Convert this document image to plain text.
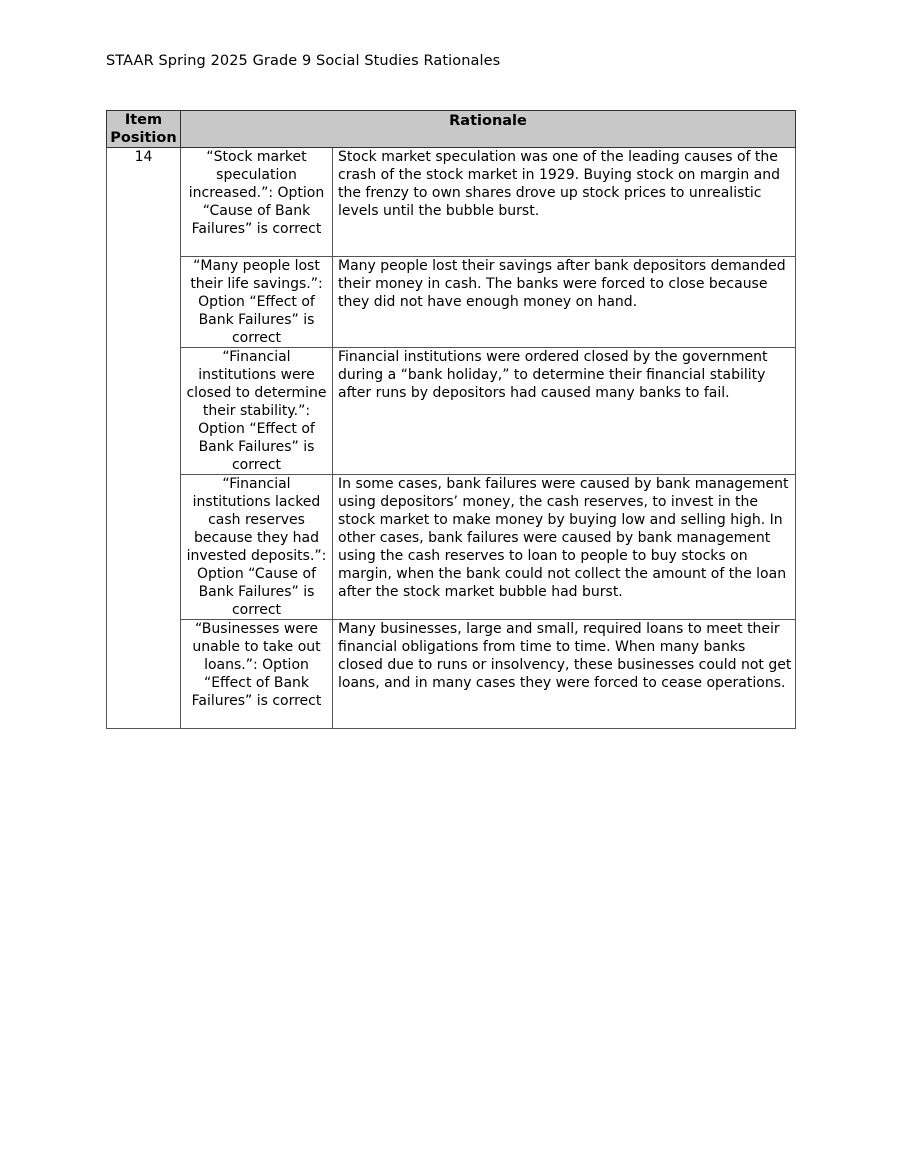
STAAR Spring 2025 Grade 9 Social Studies Rationales
Item Position	Rationale	
14	“Stock market speculation increased.”: Option “Cause of Bank Failures” is correct	Stock market speculation was one of the leading causes of the crash of the stock market in 1929. Buying stock on margin and the frenzy to own shares drove up stock prices to unrealistic levels until the bubble burst.
	“Many people lost their life savings.”: Option “Effect of Bank Failures” is correct	Many people lost their savings after bank depositors demanded their money in cash. The banks were forced to close because they did not have enough money on hand.
	“Financial institutions were closed to determine their stability.”: Option “Effect of Bank Failures” is correct	Financial institutions were ordered closed by the government during a “bank holiday,” to determine their financial stability after runs by depositors had caused many banks to fail.
	“Financial institutions lacked cash reserves because they had invested deposits.”: Option “Cause of Bank Failures” is correct	In some cases, bank failures were caused by bank management using depositors’ money, the cash reserves, to invest in the stock market to make money by buying low and selling high. In other cases, bank failures were caused by bank management using the cash reserves to loan to people to buy stocks on margin, when the bank could not collect the amount of the loan after the stock market bubble had burst.
	“Businesses were unable to take out loans.”: Option “Effect of Bank Failures” is correct	Many businesses, large and small, required loans to meet their financial obligations from time to time. When many banks closed due to runs or insolvency, these businesses could not get loans, and in many cases they were forced to cease operations.
